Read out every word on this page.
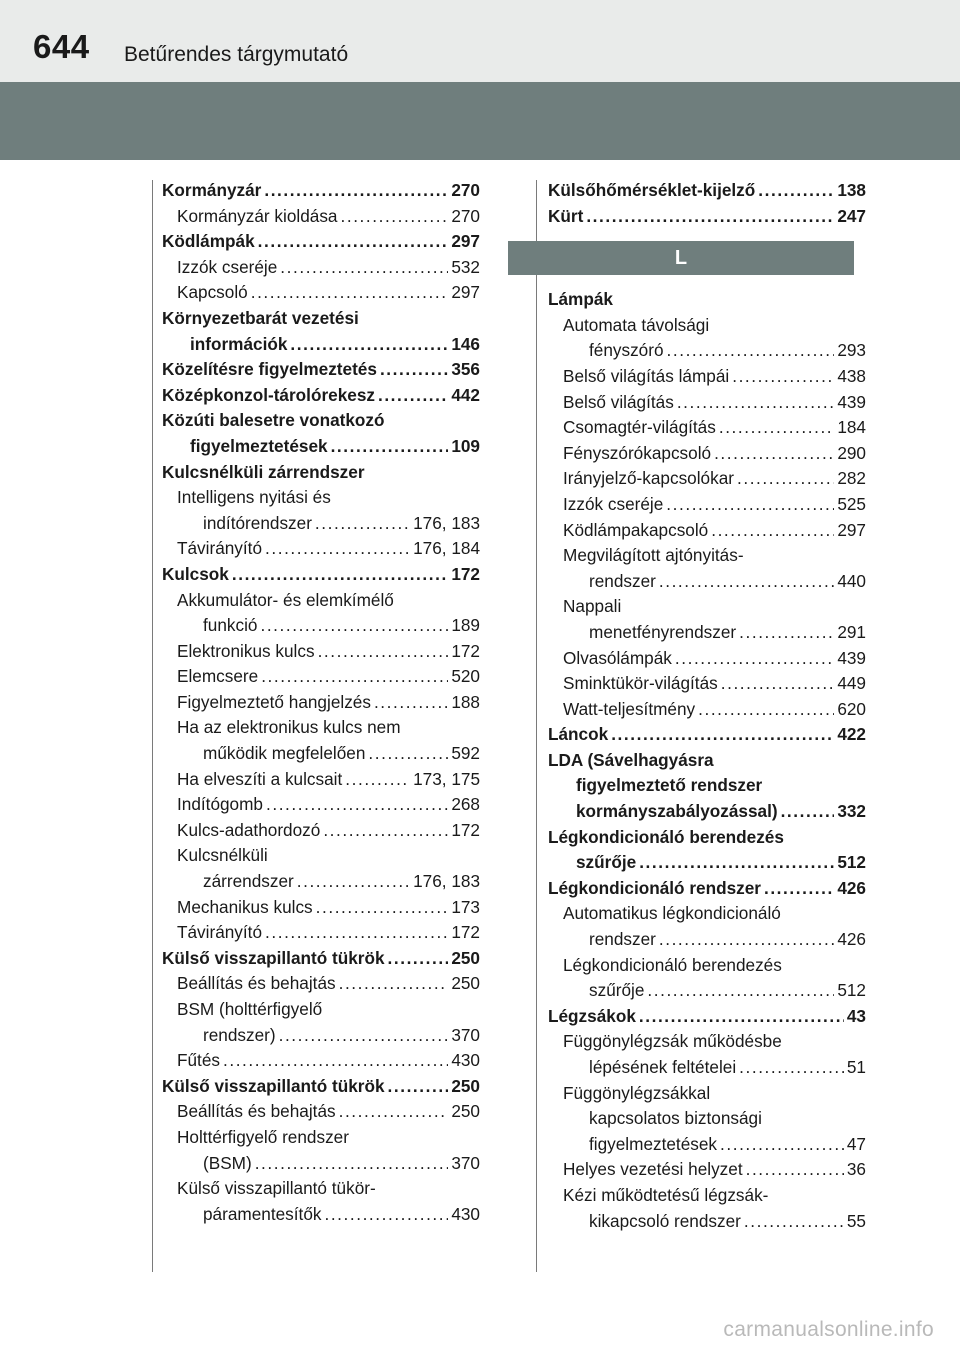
644 Betűrendes tárgymutató
Kormányzár . . .	270
Kormányzár kioldása . . .	270
Ködlámpák . . .	297
Izzók cseréje . . .	532
Kapcsoló . . .	297
Környezetbarát vezetési
információk . . .	146
Közelítésre figyelmeztetés . . .	356
Középkonzol-tárolórekesz . . .	442
Közúti balesetre vonatkozó
figyelmeztetések . . .	109
Kulcsnélküli zárrendszer
Intelligens nyitási és
indítórendszer . . .	176, 183
Távirányító . . .	176, 184
Kulcsok . . .	172
Akkumulátor- és elemkímélő
funkció . . .	189
Elektronikus kulcs . . .	172
Elemcsere . . .	520
Figyelmeztető hangjelzés . . .	188
Ha az elektronikus kulcs nem
működik megfelelően . . .	592
Ha elveszíti a kulcsait . . .	173, 175
Indítógomb . . .	268
Kulcs-adathordozó . . .	172
Kulcsnélküli
zárrendszer . . .	176, 183
Mechanikus kulcs . . .	173
Távirányító . . .	172
Külső visszapillantó tükrök . . .	250
Beállítás és behajtás . . .	250
BSM (holttérfigyelő
rendszer) . . .	370
Fűtés . . .	430
Külső visszapillantó tükrök . . .	250
Beállítás és behajtás . . .	250
Holttérfigyelő rendszer
(BSM) . . .	370
Külső visszapillantó tükör-
páramentesítők . . .	430
Külsőhőmérséklet-kijelző . . .	138
Kürt . . .	247
L
Lámpák
Automata távolsági
fényszóró . . .	293
Belső világítás lámpái . . .	438
Belső világítás . . .	439
Csomagtér-világítás . . .	184
Fényszórókapcsoló . . .	290
Irányjelző-kapcsolókar . . .	282
Izzók cseréje . . .	525
Ködlámpakapcsoló . . .	297
Megvilágított ajtónyitás-
rendszer . . .	440
Nappali
menetfényrendszer . . .	291
Olvasólámpák . . .	439
Sminktükör-világítás . . .	449
Watt-teljesítmény . . .	620
Láncok . . .	422
LDA (Sávelhagyásra
figyelmeztető rendszer
kormányszabályozással) . . .	332
Légkondicionáló berendezés
szűrője . . .	512
Légkondicionáló rendszer . . .	426
Automatikus légkondicionáló
rendszer . . .	426
Légkondicionáló berendezés
szűrője . . .	512
Légzsákok . . .	43
Függönylégzsák működésbe
lépésének feltételei . . .	51
Függönylégzsákkal
kapcsolatos biztonsági
figyelmeztetések . . .	47
Helyes vezetési helyzet . . .	36
Kézi működtetésű légzsák-
kikapcsoló rendszer . . .	55
carmanualsonline.info
